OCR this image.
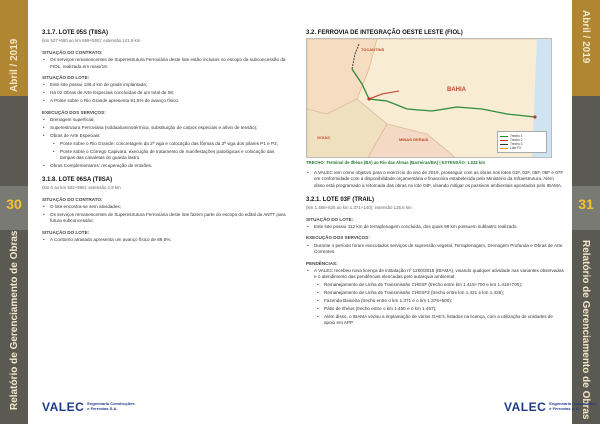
Abril / 2019
30
Relatório de Gerenciamento de Obras
Abril / 2019
31
Relatório de Gerenciamento de Obras
3.1.7. LOTE 05S (TIISA)
(km 527+660 ao km 669+550): extensão 141,9 km
SITUAÇÃO DO CONTRATO:
• Os serviços remanescentes de Superestrutura Ferroviária deste lote estão inclusos no escopo da subconcessão da FIOL, realizada em maio/19.
SITUAÇÃO DO LOTE:
• Este lote possui 136,4 km de grade implantada;
• Há 02 Obras de Arte Especiais concluídas de um total de 08;
• A Ponte sobre o Rio Grande apresenta 91,5% de avanço físico.
EXECUÇÃO DOS SERVIÇOS:
• Drenagem superficial;
• Superestrutura Ferroviária (soldaaluminotérmica, substituição de carpos especiais e alívio de tensão);
• Obras de Arte Especiais:
• Ponte sobre o Rio Grande: concretagem da 2ª viga e colocação das fôrmas da 3ª viga dos pilares P1 e P2;
• Ponte sobre o Córrego Capivara: execução de tratamento de manifestações patológicas e colocação das tampas das canaletas do guarda lastro.
• Obras Complementares: recuperação de erosões.
3.1.8. LOTE 06SA (TIISA)
(km 0 ao km 502+966): extensão 2,9 km
SITUAÇÃO DO CONTRATO:
• O lote encontra-se sem atividades;
• Os serviços remanescentes de Superestrutura Ferroviária deste lote fazem parte do escopo do edital da ANTT para futura subconcessão;
SITUAÇÃO DO LOTE:
• A Contorno atrasado apresenta um avanço físico de 89,6%.
VALEC Engenharia Construções
e Ferrovias S.A.
3.2. FERROVIA DE INTEGRAÇÃO OESTE LESTE (FIOL)
TOCANTINS
BAHIA
MINAS GERAIS
GOIÁS	Trecho 1
Trecho 2
Trecho 3
Lote F3
TRECHO: Terminal de Ilhéus (BA) ao Rio das Almas (Barreiras/BA) | EXTENSÃO: 1.022 km
• A VALEC tem como objetivo para o exercício do ano de 2019, prosseguir com as obras nos lotes 01F, 02F, 05F, 06F e 07F em conformidade com a disponibilidade orçamentária e financeira estabelecida pelo Ministério da Infraestrutura. Além disso está programado a retomada das obras no lote 04F, visando mitigar os passivos ambientais apontados pelo IBAMA.
3.2.1. LOTE 03F (TRAIL)
(km 1.466+625 ao km 1.371+140): extensão 126,6 km
SITUAÇÃO DO LOTE:
• Este lote possui 112 km de terraplenagem concluída, dos quais 99 km possuem sublastro realizado.
EXECUÇÃO DOS SERVIÇOS:
• Durante o período foram executados serviços de supressão vegetal, Terraplenagem, Drenagem Profunda e Obras de Arte Correntes.
PENDÊNCIAS:
• A VALEC recebeu nova licença de instalação nº 1200/2018 (IBAMA), visando qualquer atividade nas variantes observadas e o atendimento das pendências elencadas pelo autarquia ambiental:
• Remanejamento de Linha de Transmissão CHESF (trecho entre km 1.415+700 e km 1.418+700);
• Remanejamento de Linha de Transmissão CHESF2 (trecho entre km 1.421 e km 1.428);
• Fazenda Baixeira (trecho entre o km 1.371 e o km 1.376+500);
• Pátio de Ilhéus (trecho entre o km 1.450 e o km 1.457);
• Além disso, o IBAMA vedou a implantação de vários OAE's, listados na licença, com a utilização de unidades de apoio em APP.
VALEC Engenharia Construções
e Ferrovias S.A.
